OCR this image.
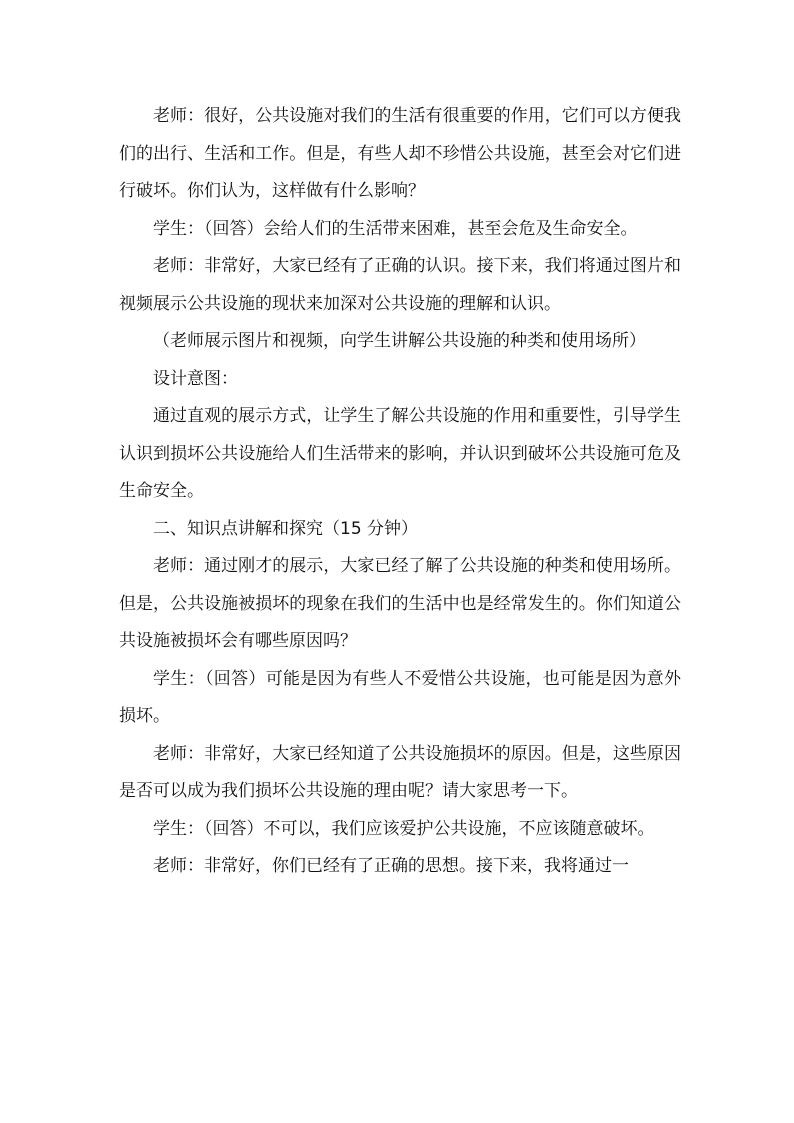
老师：很好，公共设施对我们的生活有很重要的作用，它们可以方便我们的出行、生活和工作。但是，有些人却不珍惜公共设施，甚至会对它们进行破坏。你们认为，这样做有什么影响？

学生：（回答）会给人们的生活带来困难，甚至会危及生命安全。

老师：非常好，大家已经有了正确的认识。接下来，我们将通过图片和视频展示公共设施的现状来加深对公共设施的理解和认识。

（老师展示图片和视频，向学生讲解公共设施的种类和使用场所）

设计意图：

通过直观的展示方式，让学生了解公共设施的作用和重要性，引导学生认识到损坏公共设施给人们生活带来的影响，并认识到破坏公共设施可危及生命安全。

二、知识点讲解和探究（15 分钟）

老师：通过刚才的展示，大家已经了解了公共设施的种类和使用场所。但是，公共设施被损坏的现象在我们的生活中也是经常发生的。你们知道公共设施被损坏会有哪些原因吗？

学生：（回答）可能是因为有些人不爱惜公共设施，也可能是因为意外损坏。

老师：非常好，大家已经知道了公共设施损坏的原因。但是，这些原因是否可以成为我们损坏公共设施的理由呢？请大家思考一下。

学生：（回答）不可以，我们应该爱护公共设施，不应该随意破坏。

老师：非常好，你们已经有了正确的思想。接下来，我将通过一
